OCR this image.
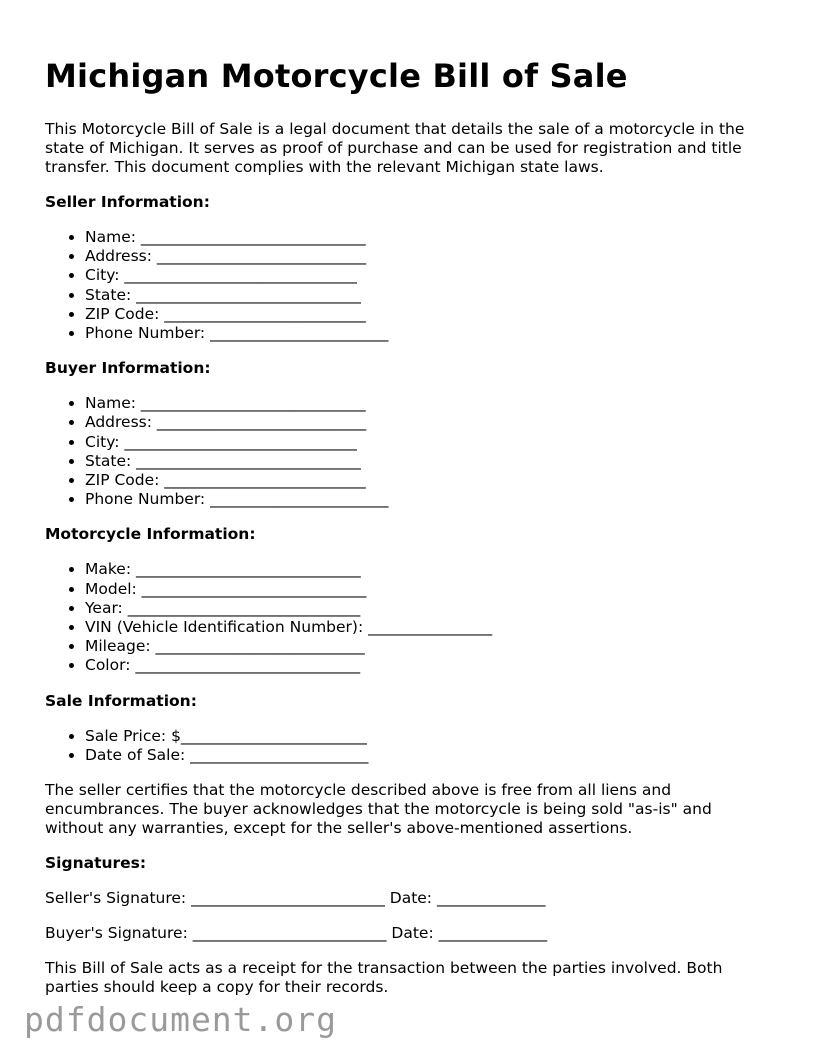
Michigan Motorcycle Bill of Sale

This Motorcycle Bill of Sale is a legal document that details the sale of a motorcycle in the state of Michigan. It serves as proof of purchase and can be used for registration and title transfer. This document complies with the relevant Michigan state laws.

Seller Information:
• Name: _____________________________
• Address: ___________________________
• City: ______________________________
• State: _____________________________
• ZIP Code: __________________________
• Phone Number: _______________________
Buyer Information:
• Name: _____________________________
• Address: ___________________________
• City: ______________________________
• State: _____________________________
• ZIP Code: __________________________
• Phone Number: _______________________
Motorcycle Information:
• Make: _____________________________
• Model: _____________________________
• Year: ______________________________
• VIN (Vehicle Identification Number): ________________
• Mileage: ___________________________
• Color: _____________________________
Sale Information:
• Sale Price: $________________________
• Date of Sale: _______________________

The seller certifies that the motorcycle described above is free from all liens and encumbrances. The buyer acknowledges that the motorcycle is being sold "as-is" and without any warranties, except for the seller's above-mentioned assertions.

Signatures:

Seller's Signature: _________________________ Date: ______________

Buyer's Signature: _________________________ Date: ______________

This Bill of Sale acts as a receipt for the transaction between the parties involved. Both parties should keep a copy for their records.

pdfdocument.org
